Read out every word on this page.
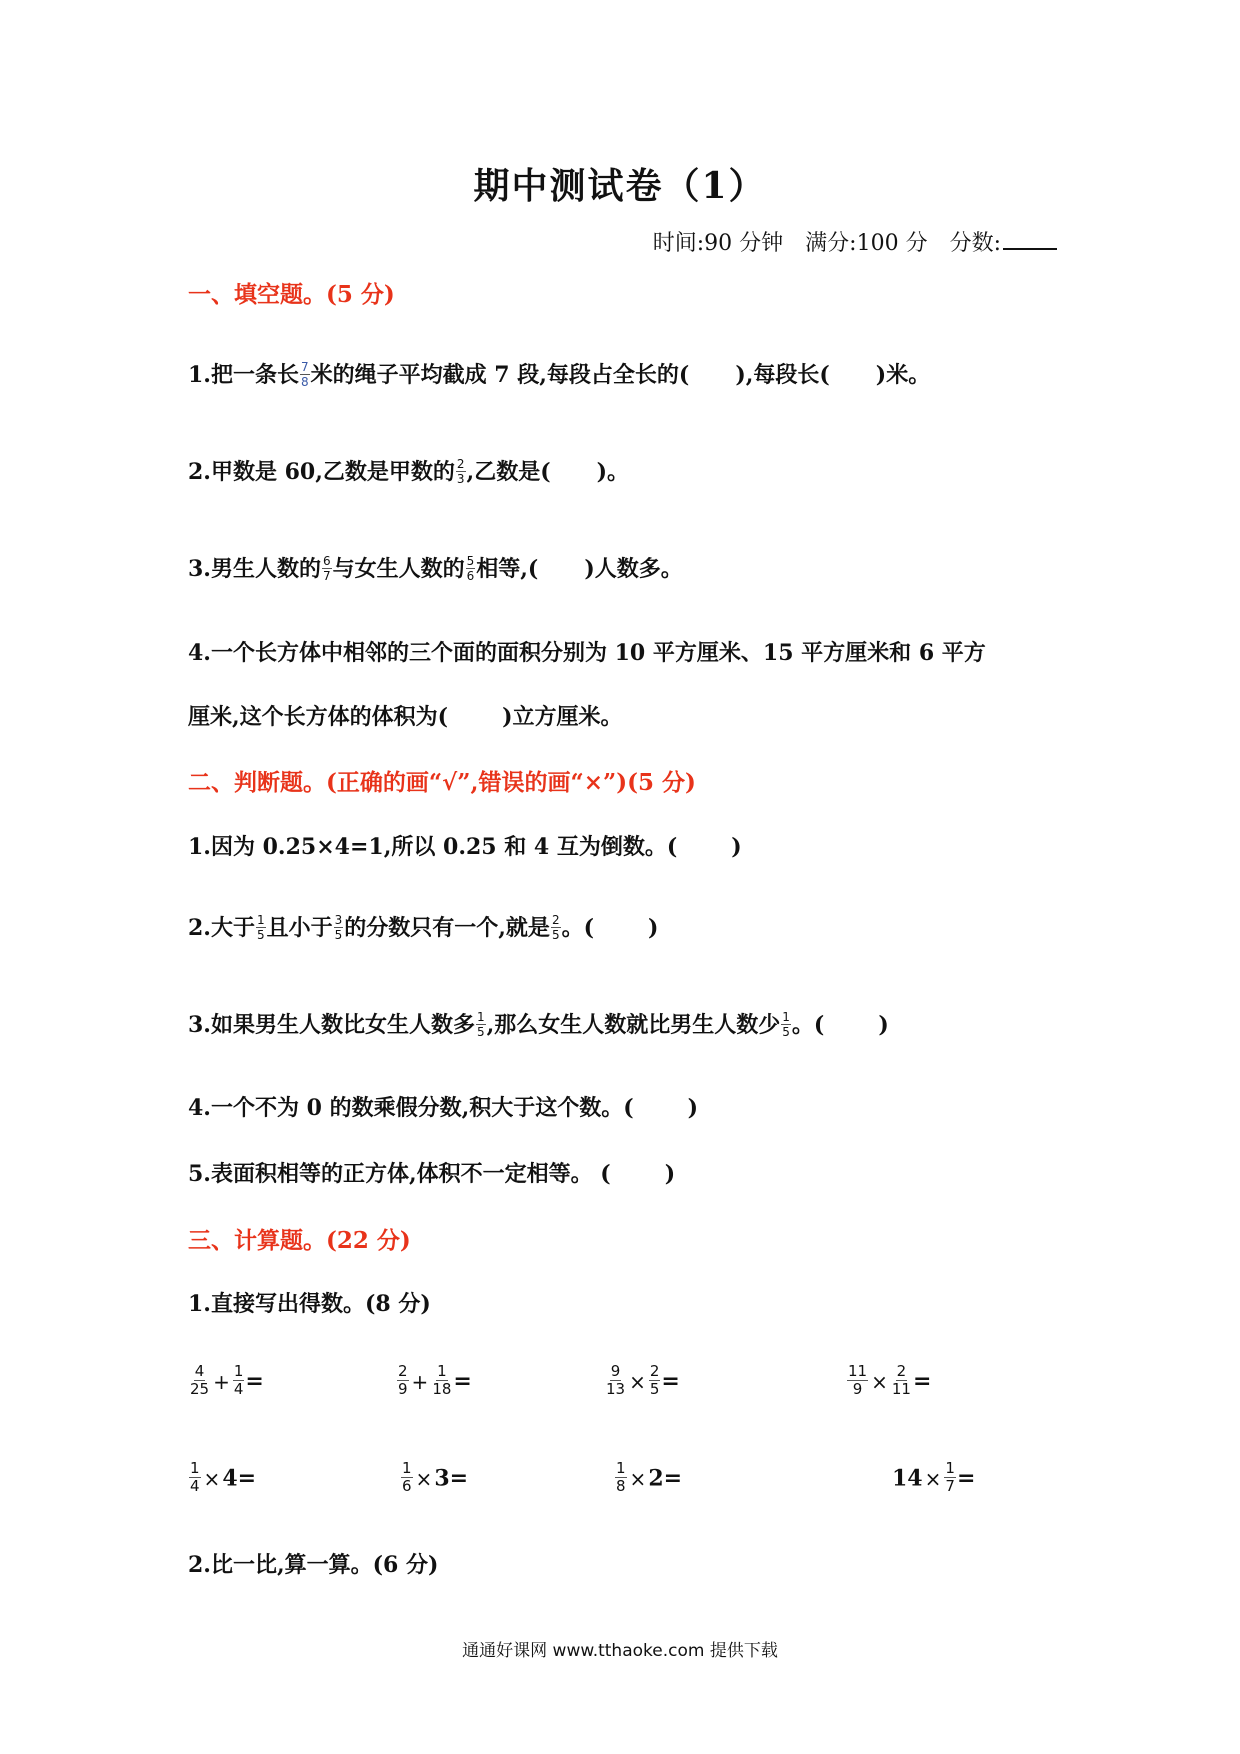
期中测试卷（1）
时间:90 分钟 满分:100 分 分数:
一、填空题。(5 分)
1.把一条长 $\frac{7}{8}$ 米的绳子平均截成 7 段,每段占全长的( ),每段长( )米。
2.甲数是 60,乙数是甲数的 $\frac{2}{3}$ ,乙数是( )。
3.男生人数的 $\frac{6}{7}$ 与女生人数的 $\frac{5}{6}$ 相等,( )人数多。
4.一个长方体中相邻的三个面的面积分别为 10 平方厘米、15 平方厘米和 6 平方
厘米,这个长方体的体积为( )立方厘米。
二、判断题。(正确的画“√”,错误的画“×”)(5 分)
1.因为 0.25×4=1,所以 0.25 和 4 互为倒数。( )
2.大于 $\frac{1}{5}$ 且小于 $\frac{3}{5}$ 的分数只有一个,就是 $\frac{2}{5}$ 。( )
3.如果男生人数比女生人数多 $\frac{1}{5}$ ,那么女生人数就比男生人数少 $\frac{1}{5}$ 。( )
4.一个不为 0 的数乘假分数,积大于这个数。( )
5.表面积相等的正方体,体积不一定相等。 ( )
三、计算题。(22 分)
1.直接写出得数。(8 分)
$\frac{4}{25} + \frac{1}{4}$ =	$\frac{2}{9} + \frac{1}{18}$ =	$\frac{9}{13} \times \frac{2}{5}$ =	$\frac{11}{9} \times \frac{2}{11}$ =
$\frac{1}{4} \times 4=$	$\frac{1}{6} \times 3=$	$\frac{1}{8} \times 2=$	$14 \times \frac{1}{7}$ =
2.比一比,算一算。(6 分)
通通好课网 www.tthaoke.com 提供下载
